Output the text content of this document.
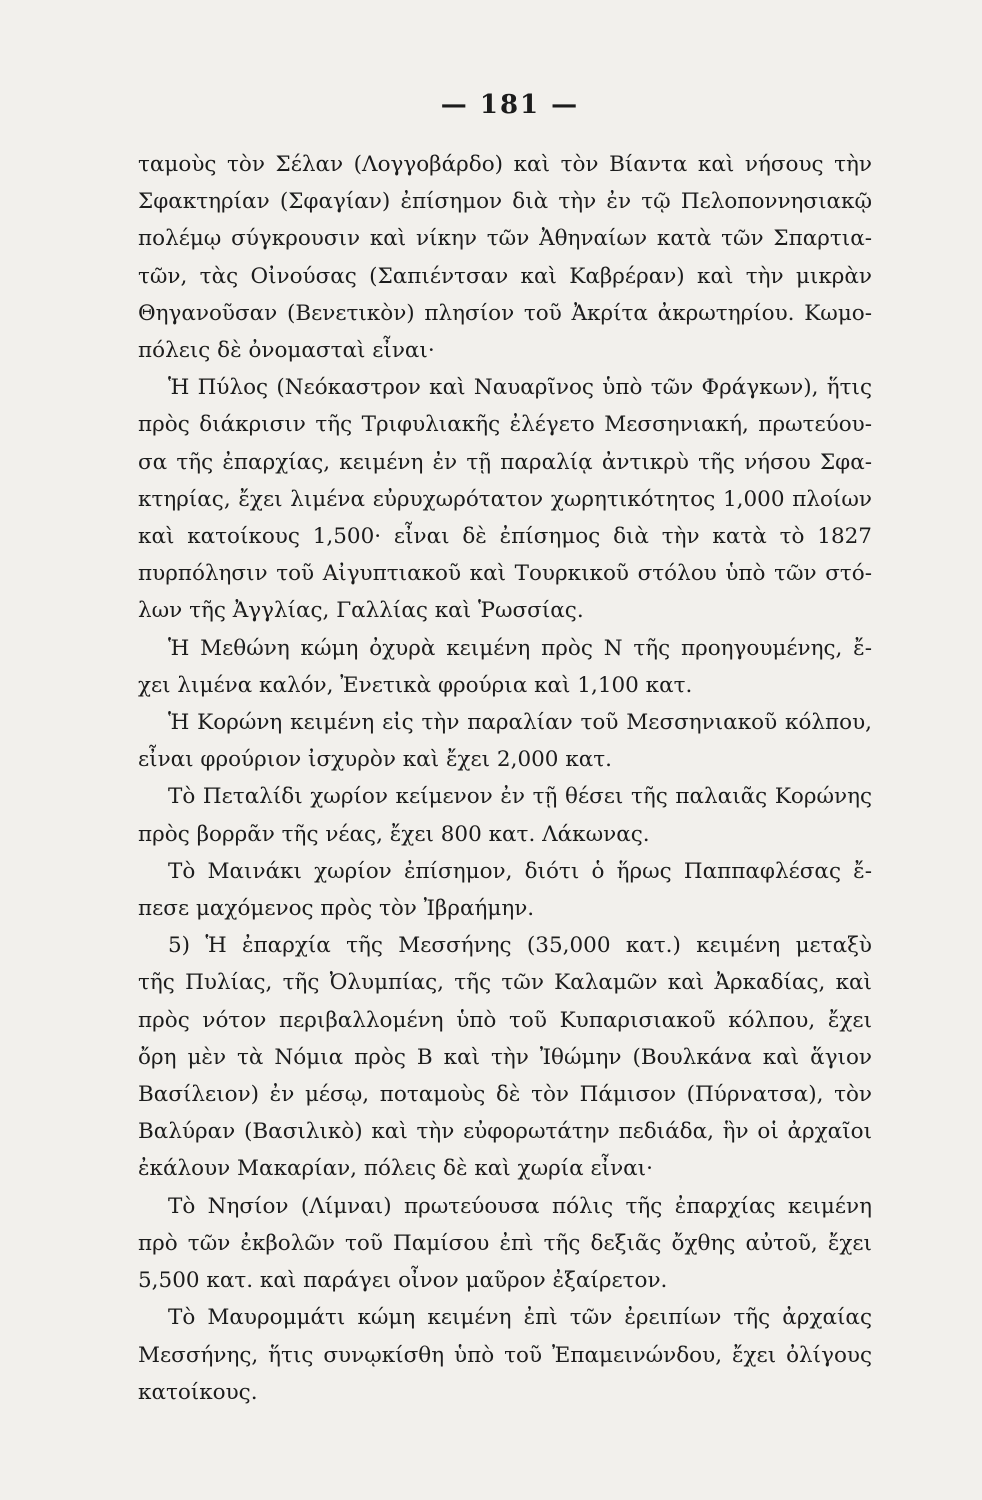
— 181 —
ταμοὺς τὸν Σέλαν (Λογγοβάρδο) καὶ τὸν Βίαντα καὶ νήσους τὴν
Σφακτηρίαν (Σφαγίαν) ἐπίσημον διὰ τὴν ἐν τῷ Πελοποννησιακῷ
πολέμῳ σύγκρουσιν καὶ νίκην τῶν Ἀθηναίων κατὰ τῶν Σπαρτια-
τῶν, τὰς Οἰνούσας (Σαπιέντσαν καὶ Καβρέραν) καὶ τὴν μικρὰν
Θηγανοῦσαν (Βενετικὸν) πλησίον τοῦ Ἀκρίτα ἀκρωτηρίου. Κωμο-
πόλεις δὲ ὀνομασταὶ εἶναι·
Ἡ Πύλος (Νεόκαστρον καὶ Ναυαρῖνος ὑπὸ τῶν Φράγκων), ἥτις
πρὸς διάκρισιν τῆς Τριφυλιακῆς ἐλέγετο Μεσσηνιακή, πρωτεύου-
σα τῆς ἐπαρχίας, κειμένη ἐν τῇ παραλίᾳ ἀντικρὺ τῆς νήσου Σφα-
κτηρίας, ἔχει λιμένα εὐρυχωρότατον χωρητικότητος 1,000 πλοίων
καὶ κατοίκους 1,500· εἶναι δὲ ἐπίσημος διὰ τὴν κατὰ τὸ 1827
πυρπόλησιν τοῦ Αἰγυπτιακοῦ καὶ Τουρκικοῦ στόλου ὑπὸ τῶν στό-
λων τῆς Ἀγγλίας, Γαλλίας καὶ Ῥωσσίας.
Ἡ Μεθώνη κώμη ὀχυρὰ κειμένη πρὸς Ν τῆς προηγουμένης, ἔ-
χει λιμένα καλόν, Ἐνετικὰ φρούρια καὶ 1,100 κατ.
Ἡ Κορώνη κειμένη εἰς τὴν παραλίαν τοῦ Μεσσηνιακοῦ κόλπου,
εἶναι φρούριον ἰσχυρὸν καὶ ἔχει 2,000 κατ.
Τὸ Πεταλίδι χωρίον κείμενον ἐν τῇ θέσει τῆς παλαιᾶς Κορώνης
πρὸς βορρᾶν τῆς νέας, ἔχει 800 κατ. Λάκωνας.
Τὸ Μαινάκι χωρίον ἐπίσημον, διότι ὁ ἥρως Παππαφλέσας ἔ-
πεσε μαχόμενος πρὸς τὸν Ἰβραήμην.
5) Ἡ ἐπαρχία τῆς Μεσσήνης (35,000 κατ.) κειμένη μεταξὺ
τῆς Πυλίας, τῆς Ὀλυμπίας, τῆς τῶν Καλαμῶν καὶ Ἀρκαδίας, καὶ
πρὸς νότον περιβαλλομένη ὑπὸ τοῦ Κυπαρισιακοῦ κόλπου, ἔχει
ὄρη μὲν τὰ Νόμια πρὸς Β καὶ τὴν Ἰθώμην (Βουλκάνα καὶ ἅγιον
Βασίλειον) ἐν μέσῳ, ποταμοὺς δὲ τὸν Πάμισον (Πύρνατσα), τὸν
Βαλύραν (Βασιλικὸ) καὶ τὴν εὐφορωτάτην πεδιάδα, ἣν οἱ ἀρχαῖοι
ἐκάλουν Μακαρίαν, πόλεις δὲ καὶ χωρία εἶναι·
Τὸ Νησίον (Λίμναι) πρωτεύουσα πόλις τῆς ἐπαρχίας κειμένη
πρὸ τῶν ἐκβολῶν τοῦ Παμίσου ἐπὶ τῆς δεξιᾶς ὄχθης αὐτοῦ, ἔχει
5,500 κατ. καὶ παράγει οἶνον μαῦρον ἐξαίρετον.
Τὸ Μαυρομμάτι κώμη κειμένη ἐπὶ τῶν ἐρειπίων τῆς ἀρχαίας
Μεσσήνης, ἥτις συνῳκίσθη ὑπὸ τοῦ Ἐπαμεινώνδου, ἔχει ὀλίγους
κατοίκους.
